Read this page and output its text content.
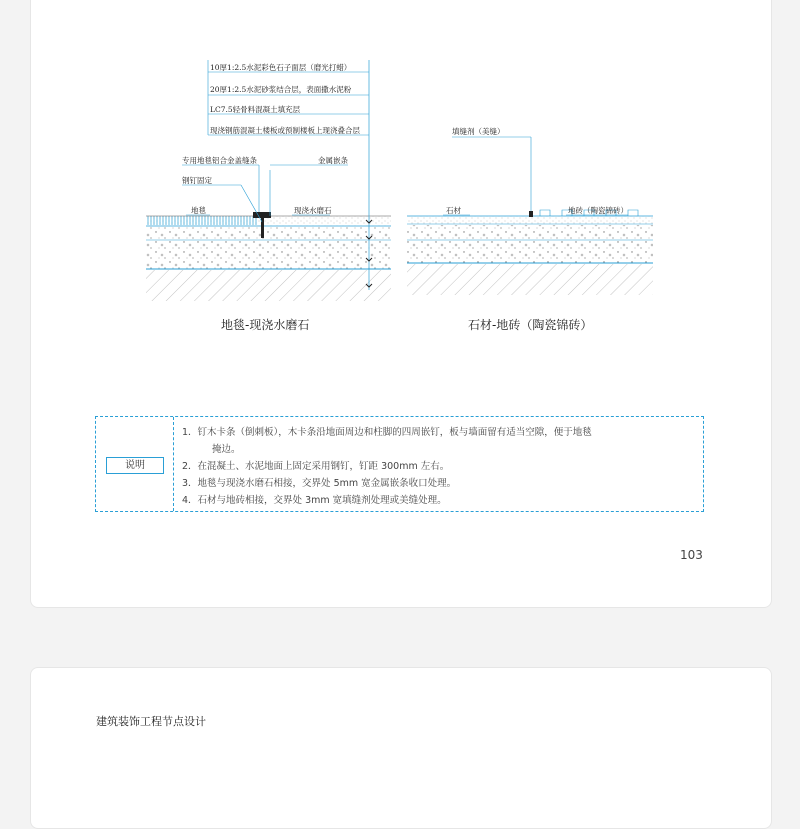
10厚1:2.5水泥彩色石子面层（磨光打蜡）
20厚1:2.5水泥砂浆结合层，表面撒水泥粉
LC7.5轻骨料混凝土填充层
现浇钢筋混凝土楼板或预制楼板上现浇叠合层
专用地毯铝合金盖缝条
钢钉固定
金属嵌条
地毯	现浇水磨石
地毯-现浇水磨石
填缝剂（美缝）
石材	地砖（陶瓷锦砖）
石材-地砖（陶瓷锦砖）
说明
1．钉木卡条（倒刺板），木卡条沿地面周边和柱脚的四周嵌钉，板与墙面留有适当空隙，便于地毯
掩边。
2．在混凝土、水泥地面上固定采用钢钉，钉距 300mm 左右。
3．地毯与现浇水磨石相接，交界处 5mm 宽金属嵌条收口处理。
4．石材与地砖相接，交界处 3mm 宽填缝剂处理或美缝处理。
103
建筑装饰工程节点设计
